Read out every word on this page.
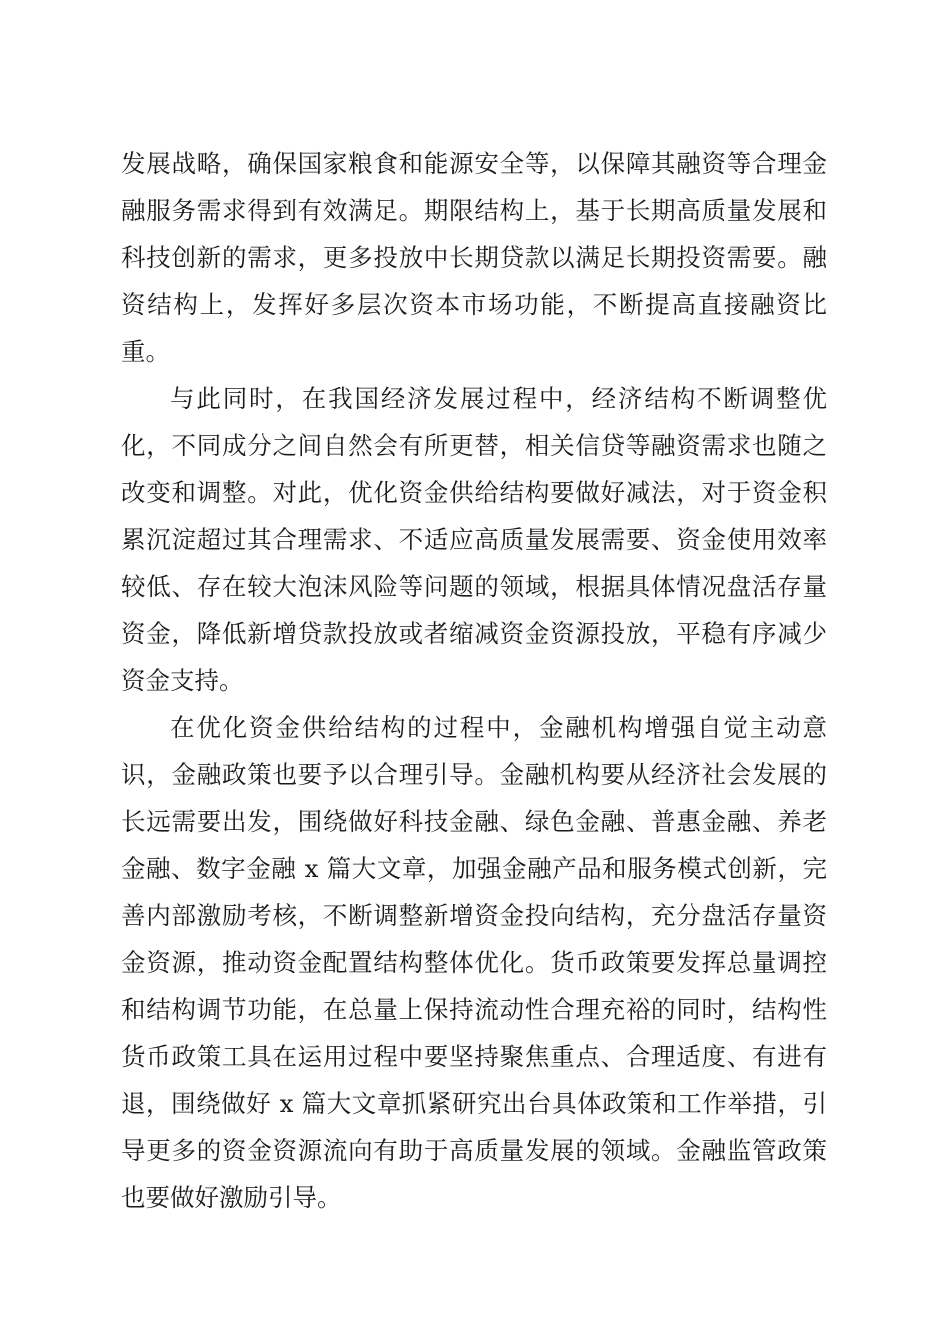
发展战略，确保国家粮食和能源安全等，以保障其融资等合理金融服务需求得到有效满足。期限结构上，基于长期高质量发展和科技创新的需求，更多投放中长期贷款以满足长期投资需要。融资结构上，发挥好多层次资本市场功能，不断提高直接融资比重。

与此同时，在我国经济发展过程中，经济结构不断调整优化，不同成分之间自然会有所更替，相关信贷等融资需求也随之改变和调整。对此，优化资金供给结构要做好减法，对于资金积累沉淀超过其合理需求、不适应高质量发展需要、资金使用效率较低、存在较大泡沫风险等问题的领域，根据具体情况盘活存量资金，降低新增贷款投放或者缩减资金资源投放，平稳有序减少资金支持。

在优化资金供给结构的过程中，金融机构增强自觉主动意识，金融政策也要予以合理引导。金融机构要从经济社会发展的长远需要出发，围绕做好科技金融、绿色金融、普惠金融、养老金融、数字金融 x 篇大文章，加强金融产品和服务模式创新，完善内部激励考核，不断调整新增资金投向结构，充分盘活存量资金资源，推动资金配置结构整体优化。货币政策要发挥总量调控和结构调节功能，在总量上保持流动性合理充裕的同时，结构性货币政策工具在运用过程中要坚持聚焦重点、合理适度、有进有退，围绕做好 x 篇大文章抓紧研究出台具体政策和工作举措，引导更多的资金资源流向有助于高质量发展的领域。金融监管政策也要做好激励引导。
